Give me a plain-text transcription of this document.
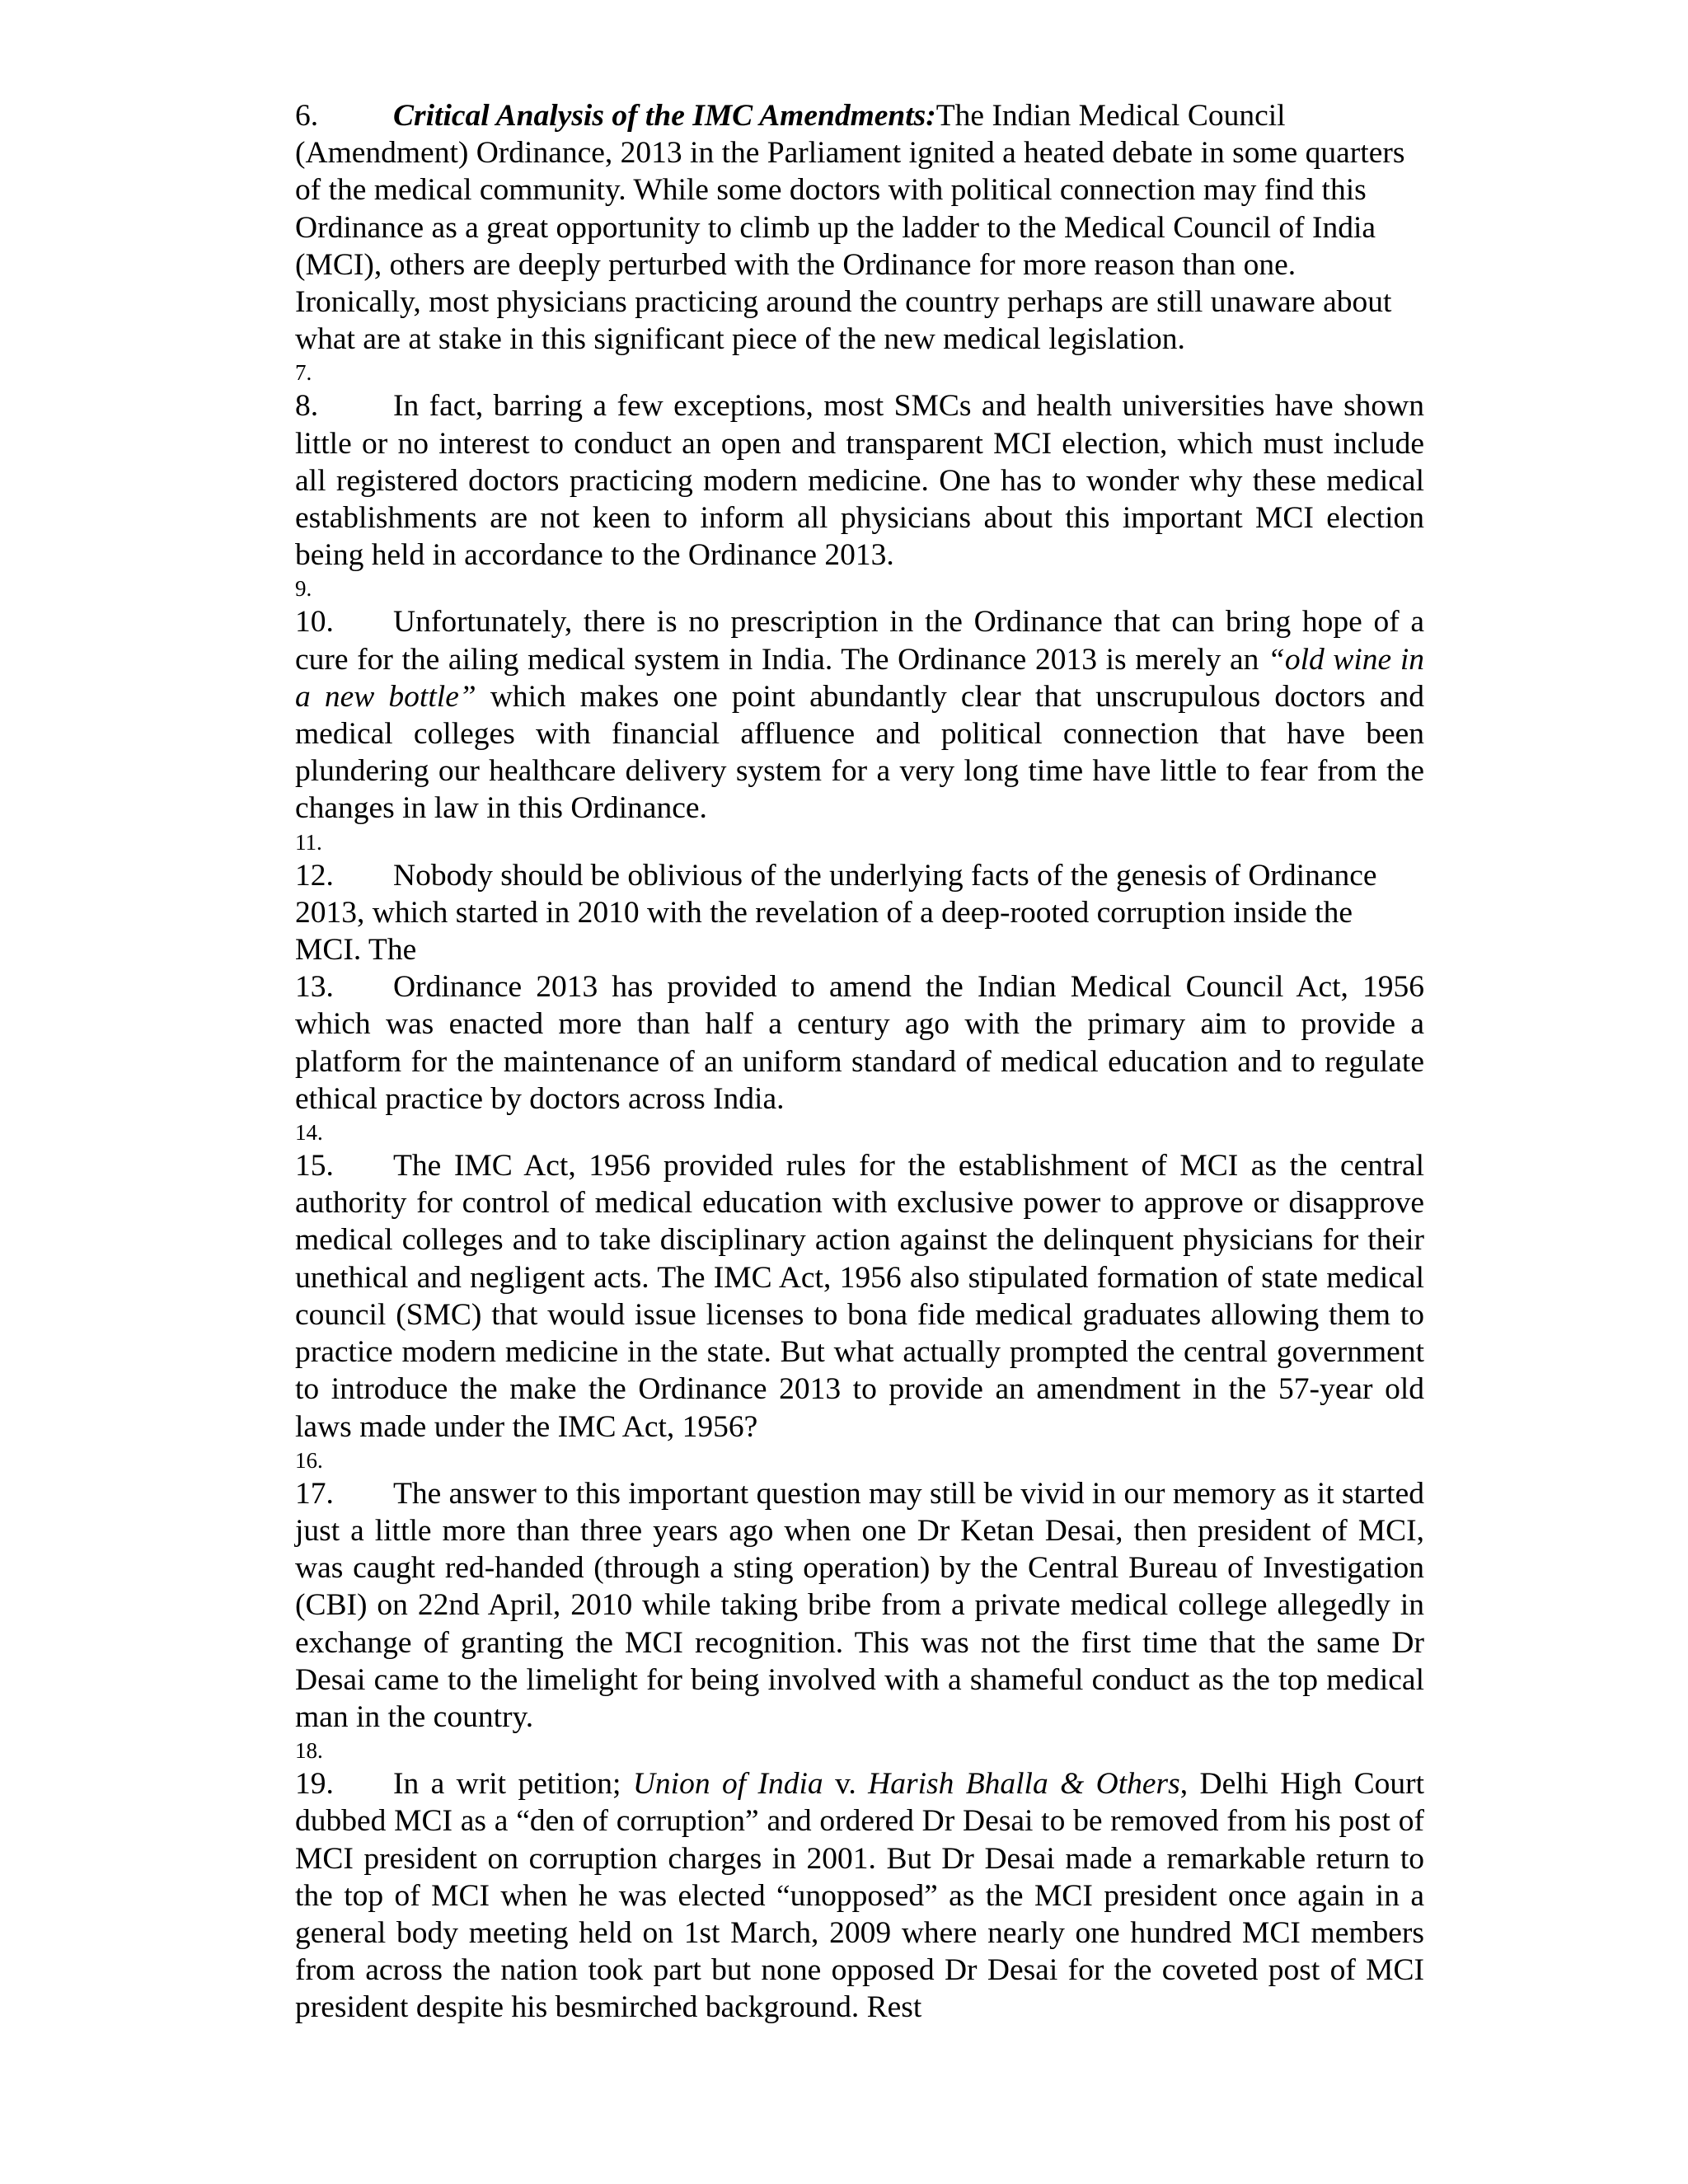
6. Critical Analysis of the IMC Amendments:The Indian Medical Council (Amendment) Ordinance, 2013 in the Parliament ignited a heated debate in some quarters of the medical community. While some doctors with political connection may find this Ordinance as a great opportunity to climb up the ladder to the Medical Council of India (MCI), others are deeply perturbed with the Ordinance for more reason than one. Ironically, most physicians practicing around the country perhaps are still unaware about what are at stake in this significant piece of the new medical legislation.

7.

8. In fact, barring a few exceptions, most SMCs and health universities have shown little or no interest to conduct an open and transparent MCI election, which must include all registered doctors practicing modern medicine. One has to wonder why these medical establishments are not keen to inform all physicians about this important MCI election being held in accordance to the Ordinance 2013.

9.

10. Unfortunately, there is no prescription in the Ordinance that can bring hope of a cure for the ailing medical system in India. The Ordinance 2013 is merely an “old wine in a new bottle” which makes one point abundantly clear that unscrupulous doctors and medical colleges with financial affluence and political connection that have been plundering our healthcare delivery system for a very long time have little to fear from the changes in law in this Ordinance.

11.

12. Nobody should be oblivious of the underlying facts of the genesis of Ordinance 2013, which started in 2010 with the revelation of a deep-rooted corruption inside the MCI. The

13. Ordinance 2013 has provided to amend the Indian Medical Council Act, 1956 which was enacted more than half a century ago with the primary aim to provide a platform for the maintenance of an uniform standard of medical education and to regulate ethical practice by doctors across India.

14.

15. The IMC Act, 1956 provided rules for the establishment of MCI as the central authority for control of medical education with exclusive power to approve or disapprove medical colleges and to take disciplinary action against the delinquent physicians for their unethical and negligent acts. The IMC Act, 1956 also stipulated formation of state medical council (SMC) that would issue licenses to bona fide medical graduates allowing them to practice modern medicine in the state. But what actually prompted the central government to introduce the make the Ordinance 2013 to provide an amendment in the 57-year old laws made under the IMC Act, 1956?

16.

17. The answer to this important question may still be vivid in our memory as it started just a little more than three years ago when one Dr Ketan Desai, then president of MCI, was caught red-handed (through a sting operation) by the Central Bureau of Investigation (CBI) on 22nd April, 2010 while taking bribe from a private medical college allegedly in exchange of granting the MCI recognition. This was not the first time that the same Dr Desai came to the limelight for being involved with a shameful conduct as the top medical man in the country.

18.

19. In a writ petition; Union of India v. Harish Bhalla & Others, Delhi High Court dubbed MCI as a “den of corruption” and ordered Dr Desai to be removed from his post of MCI president on corruption charges in 2001. But Dr Desai made a remarkable return to the top of MCI when he was elected “unopposed” as the MCI president once again in a general body meeting held on 1st March, 2009 where nearly one hundred MCI members from across the nation took part but none opposed Dr Desai for the coveted post of MCI president despite his besmirched background. Rest
